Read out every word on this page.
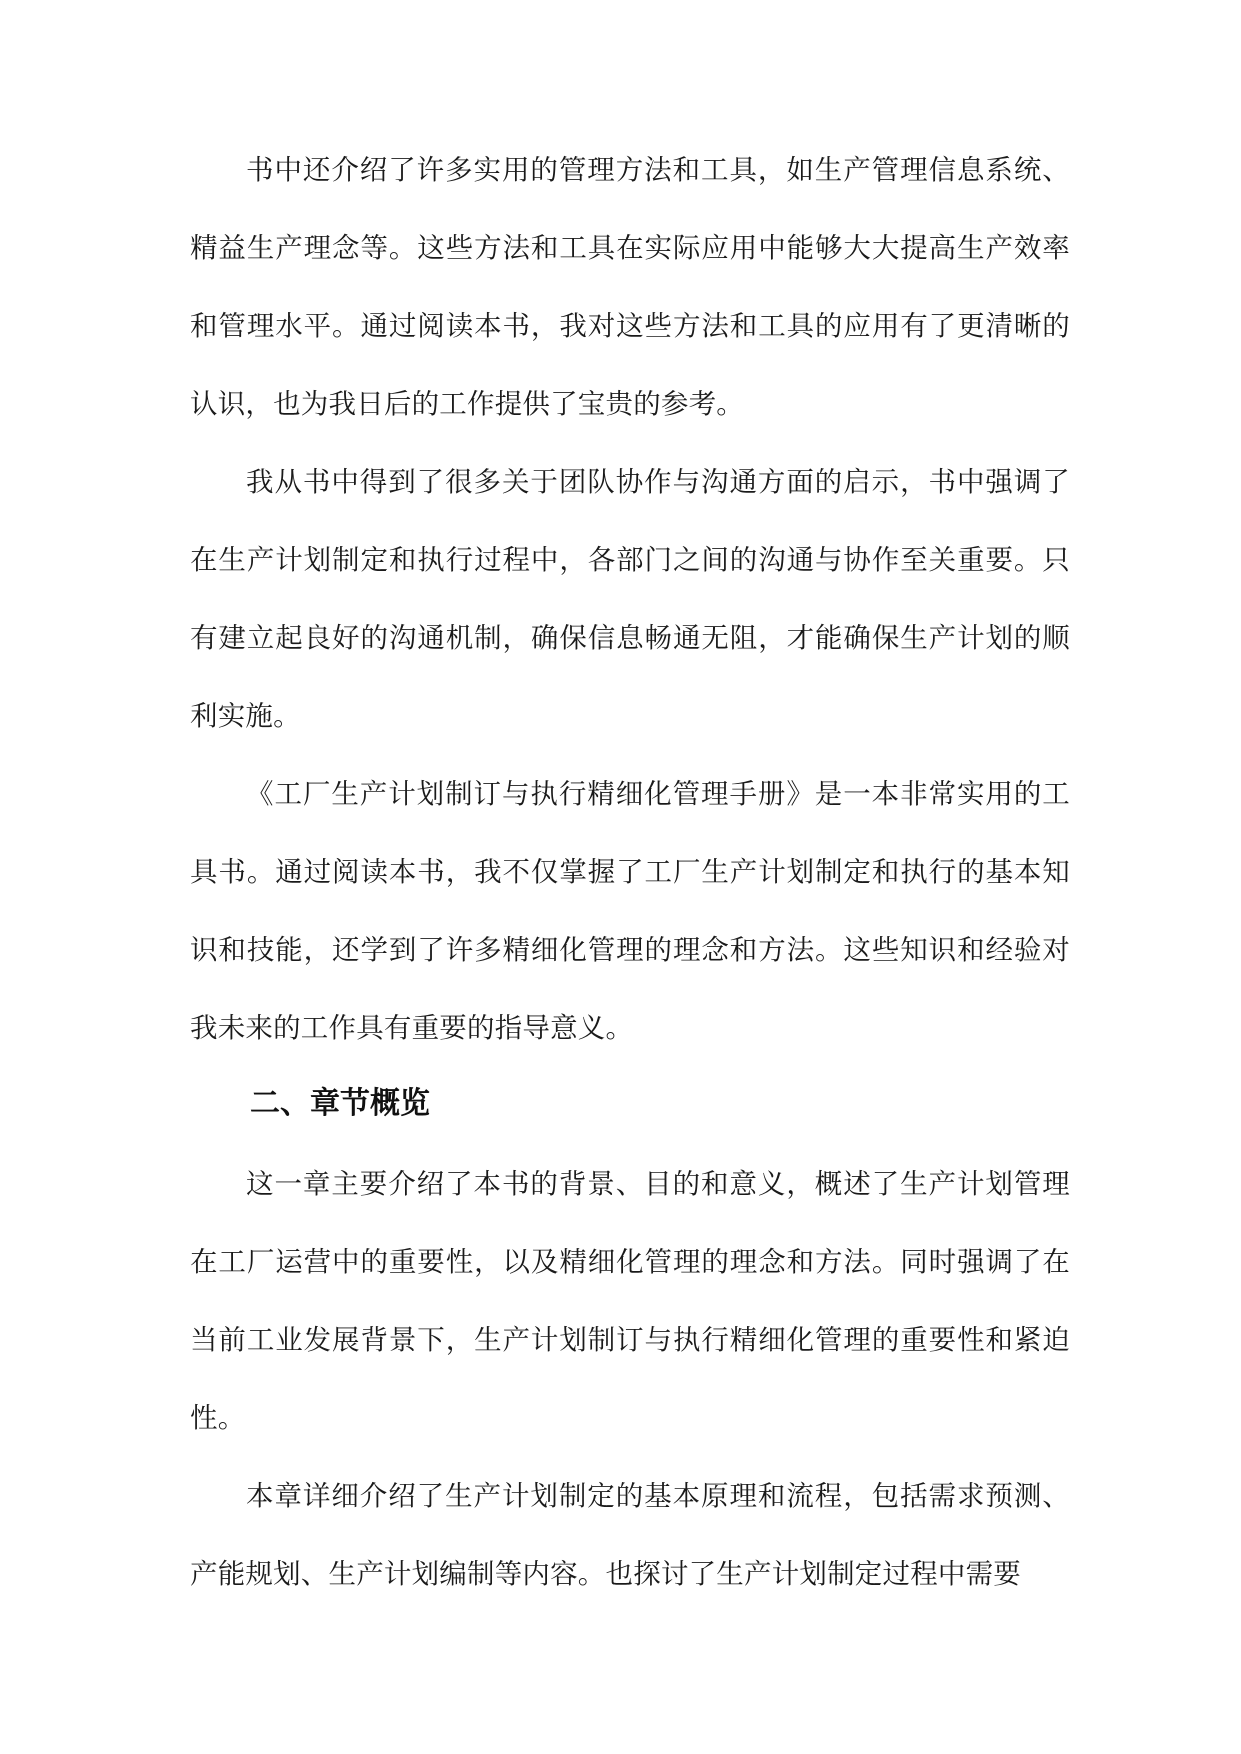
书中还介绍了许多实用的管理方法和工具，如生产管理信息系统、精益生产理念等。这些方法和工具在实际应用中能够大大提高生产效率和管理水平。通过阅读本书，我对这些方法和工具的应用有了更清晰的认识，也为我日后的工作提供了宝贵的参考。

我从书中得到了很多关于团队协作与沟通方面的启示，书中强调了在生产计划制定和执行过程中，各部门之间的沟通与协作至关重要。只有建立起良好的沟通机制，确保信息畅通无阻，才能确保生产计划的顺利实施。

《工厂生产计划制订与执行精细化管理手册》是一本非常实用的工具书。通过阅读本书，我不仅掌握了工厂生产计划制定和执行的基本知识和技能，还学到了许多精细化管理的理念和方法。这些知识和经验对我未来的工作具有重要的指导意义。

二、章节概览

这一章主要介绍了本书的背景、目的和意义，概述了生产计划管理在工厂运营中的重要性，以及精细化管理的理念和方法。同时强调了在当前工业发展背景下，生产计划制订与执行精细化管理的重要性和紧迫性。

本章详细介绍了生产计划制定的基本原理和流程，包括需求预测、产能规划、生产计划编制等内容。也探讨了生产计划制定过程中需要
